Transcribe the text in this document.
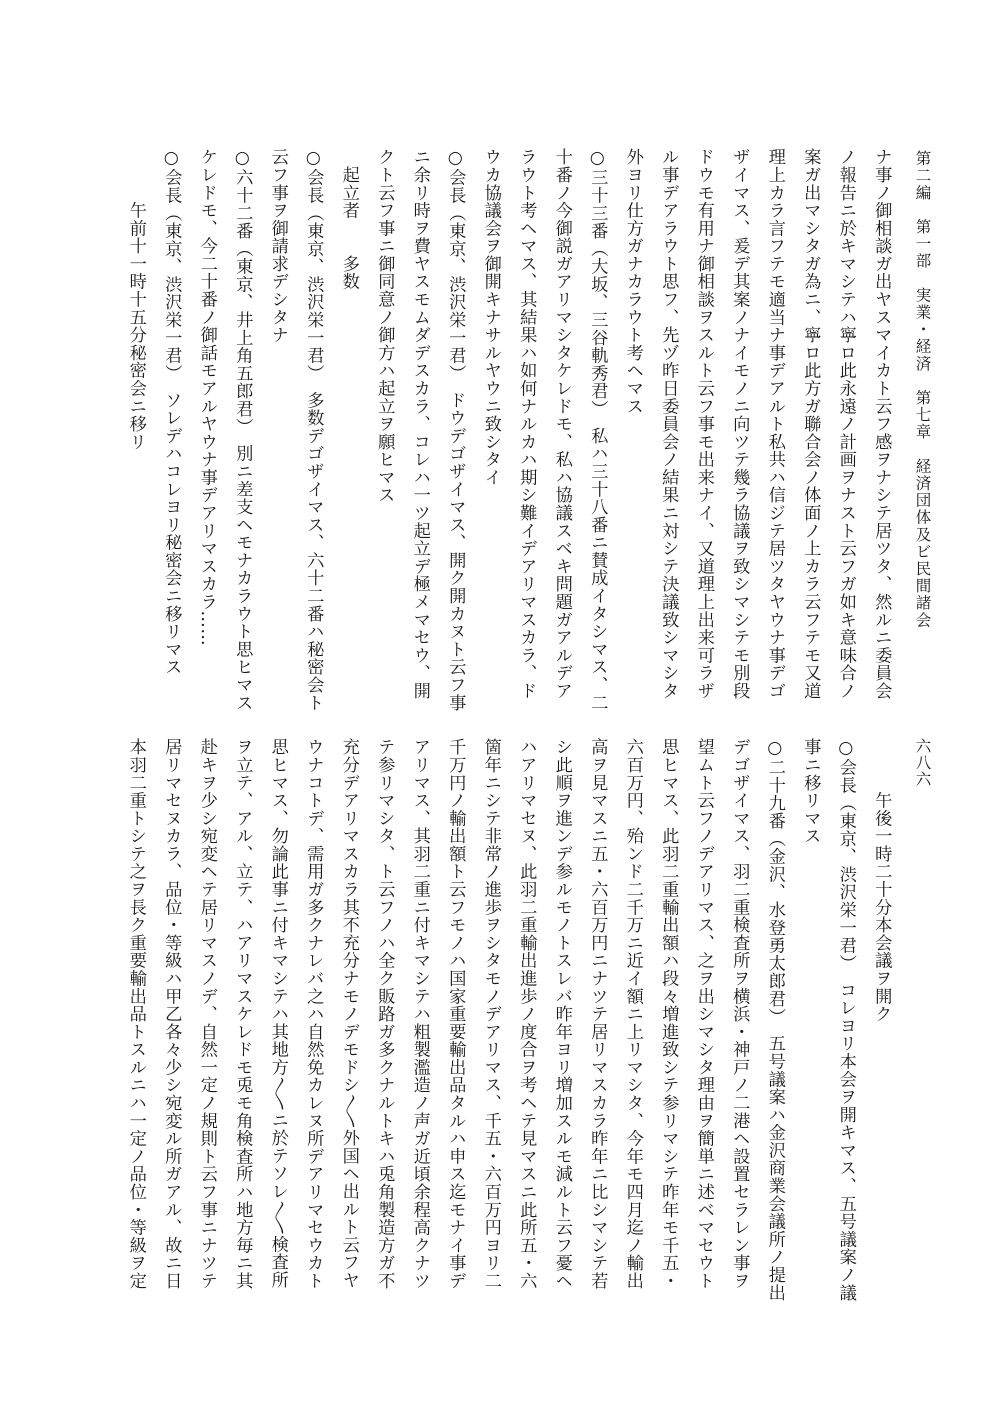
第二編　第一部　実業・経済　第七章　経済団体及ビ民間諸会
六八六
ナ事ノ御相談ガ出ヤスマイカト云フ感ヲナシテ居ツタ、然ルニ委員会
ノ報告ニ於キマシテハ寧ロ此永遠ノ計画ヲナスト云フガ如キ意味合ノ
案ガ出マシタガ為ニ、寧ロ此方ガ聯合会ノ体面ノ上カラ云フテモ又道
理上カラ言フテモ適当ナ事デアルト私共ハ信ジテ居ツタヤウナ事デゴ
ザイマス、爰デ其案ノナイモノニ向ツテ幾ラ協議ヲ致シマシテモ別段
ドウモ有用ナ御相談ヲスルト云フ事モ出来ナイ、又道理上出来可ラザ
ル事デアラウト思フ、先ヅ昨日委員会ノ結果ニ対シテ決議致シマシタ
外ヨリ仕方ガナカラウト考ヘマス
○三十三番（大坂、三谷軌秀君）　私ハ三十八番ニ賛成イタシマス、二
十番ノ今御説ガアリマシタケレドモ、私ハ協議スベキ問題ガアルデア
ラウト考ヘマス、其結果ハ如何ナルカハ期シ難イデアリマスカラ、ド
ウカ協議会ヲ御開キナサルヤウニ致シタイ
○会長（東京、渋沢栄一君）　ドウデゴザイマス、開ク開カヌト云フ事
ニ余リ時ヲ費ヤスモムダデスカラ、コレハ一ツ起立デ極メマセウ、開
クト云フ事ニ御同意ノ御方ハ起立ヲ願ヒマス
　起立者　　多数
○会長（東京、渋沢栄一君）　多数デゴザイマス、六十二番ハ秘密会ト
云フ事ヲ御請求デシタナ
○六十二番（東京、井上角五郎君）　別ニ差支ヘモナカラウト思ヒマス
ケレドモ、今二十番ノ御話モアルヤウナ事デアリマスカラ……
○会長（東京、渋沢栄一君）　ソレデハコレヨリ秘密会ニ移リマス
　　　午前十一時十五分秘密会ニ移リ
　　　午後一時二十分本会議ヲ開ク
○会長（東京、渋沢栄一君）　コレヨリ本会ヲ開キマス、五号議案ノ議
事ニ移リマス
○二十九番（金沢、水登勇太郎君）　五号議案ハ金沢商業会議所ノ提出
デゴザイマス、羽二重検査所ヲ横浜・神戸ノ二港ヘ設置セラレン事ヲ
望ムト云フノデアリマス、之ヲ出シマシタ理由ヲ簡単ニ述ベマセウト
思ヒマス、此羽二重輸出額ハ段々増進致シテ参リマシテ昨年モ千五・
六百万円、殆ンド二千万ニ近イ額ニ上リマシタ、今年モ四月迄ノ輸出
高ヲ見マスニ五・六百万円ニナツテ居リマスカラ昨年ニ比シマシテ若
シ此順ヲ進ンデ参ルモノトスレバ昨年ヨリ増加スルモ減ルト云フ憂ヘ
ハアリマセヌ、此羽二重輸出進歩ノ度合ヲ考ヘテ見マスニ此所五・六
箇年ニシテ非常ノ進歩ヲシタモノデアリマス、千五・六百万円ヨリ二
千万円ノ輸出額ト云フモノハ国家重要輸出品タルハ申ス迄モナイ事デ
アリマス、其羽二重ニ付キマシテハ粗製濫造ノ声ガ近頃余程高クナツ
テ参リマシタ、ト云フノハ全ク販路ガ多クナルトキハ兎角製造方ガ不
充分デアリマスカラ其不充分ナモノデモドシ〳〵外国ヘ出ルト云フヤ
ウナコトデ、需用ガ多クナレバ之ハ自然免カレヌ所デアリマセウカト
思ヒマス、勿論此事ニ付キマシテハ其地方〳〵ニ於テソレ〳〵検査所
ヲ立テ、アル、立テ、ハアリマスケレドモ兎モ角検査所ハ地方毎ニ其
赴キヲ少シ宛変ヘテ居リマスノデ、自然一定ノ規則ト云フ事ニナツテ
居リマセヌカラ、品位・等級ハ甲乙各々少シ宛変ル所ガアル、故ニ日
本羽二重トシテ之ヲ長ク重要輸出品トスルニハ一定ノ品位・等級ヲ定
